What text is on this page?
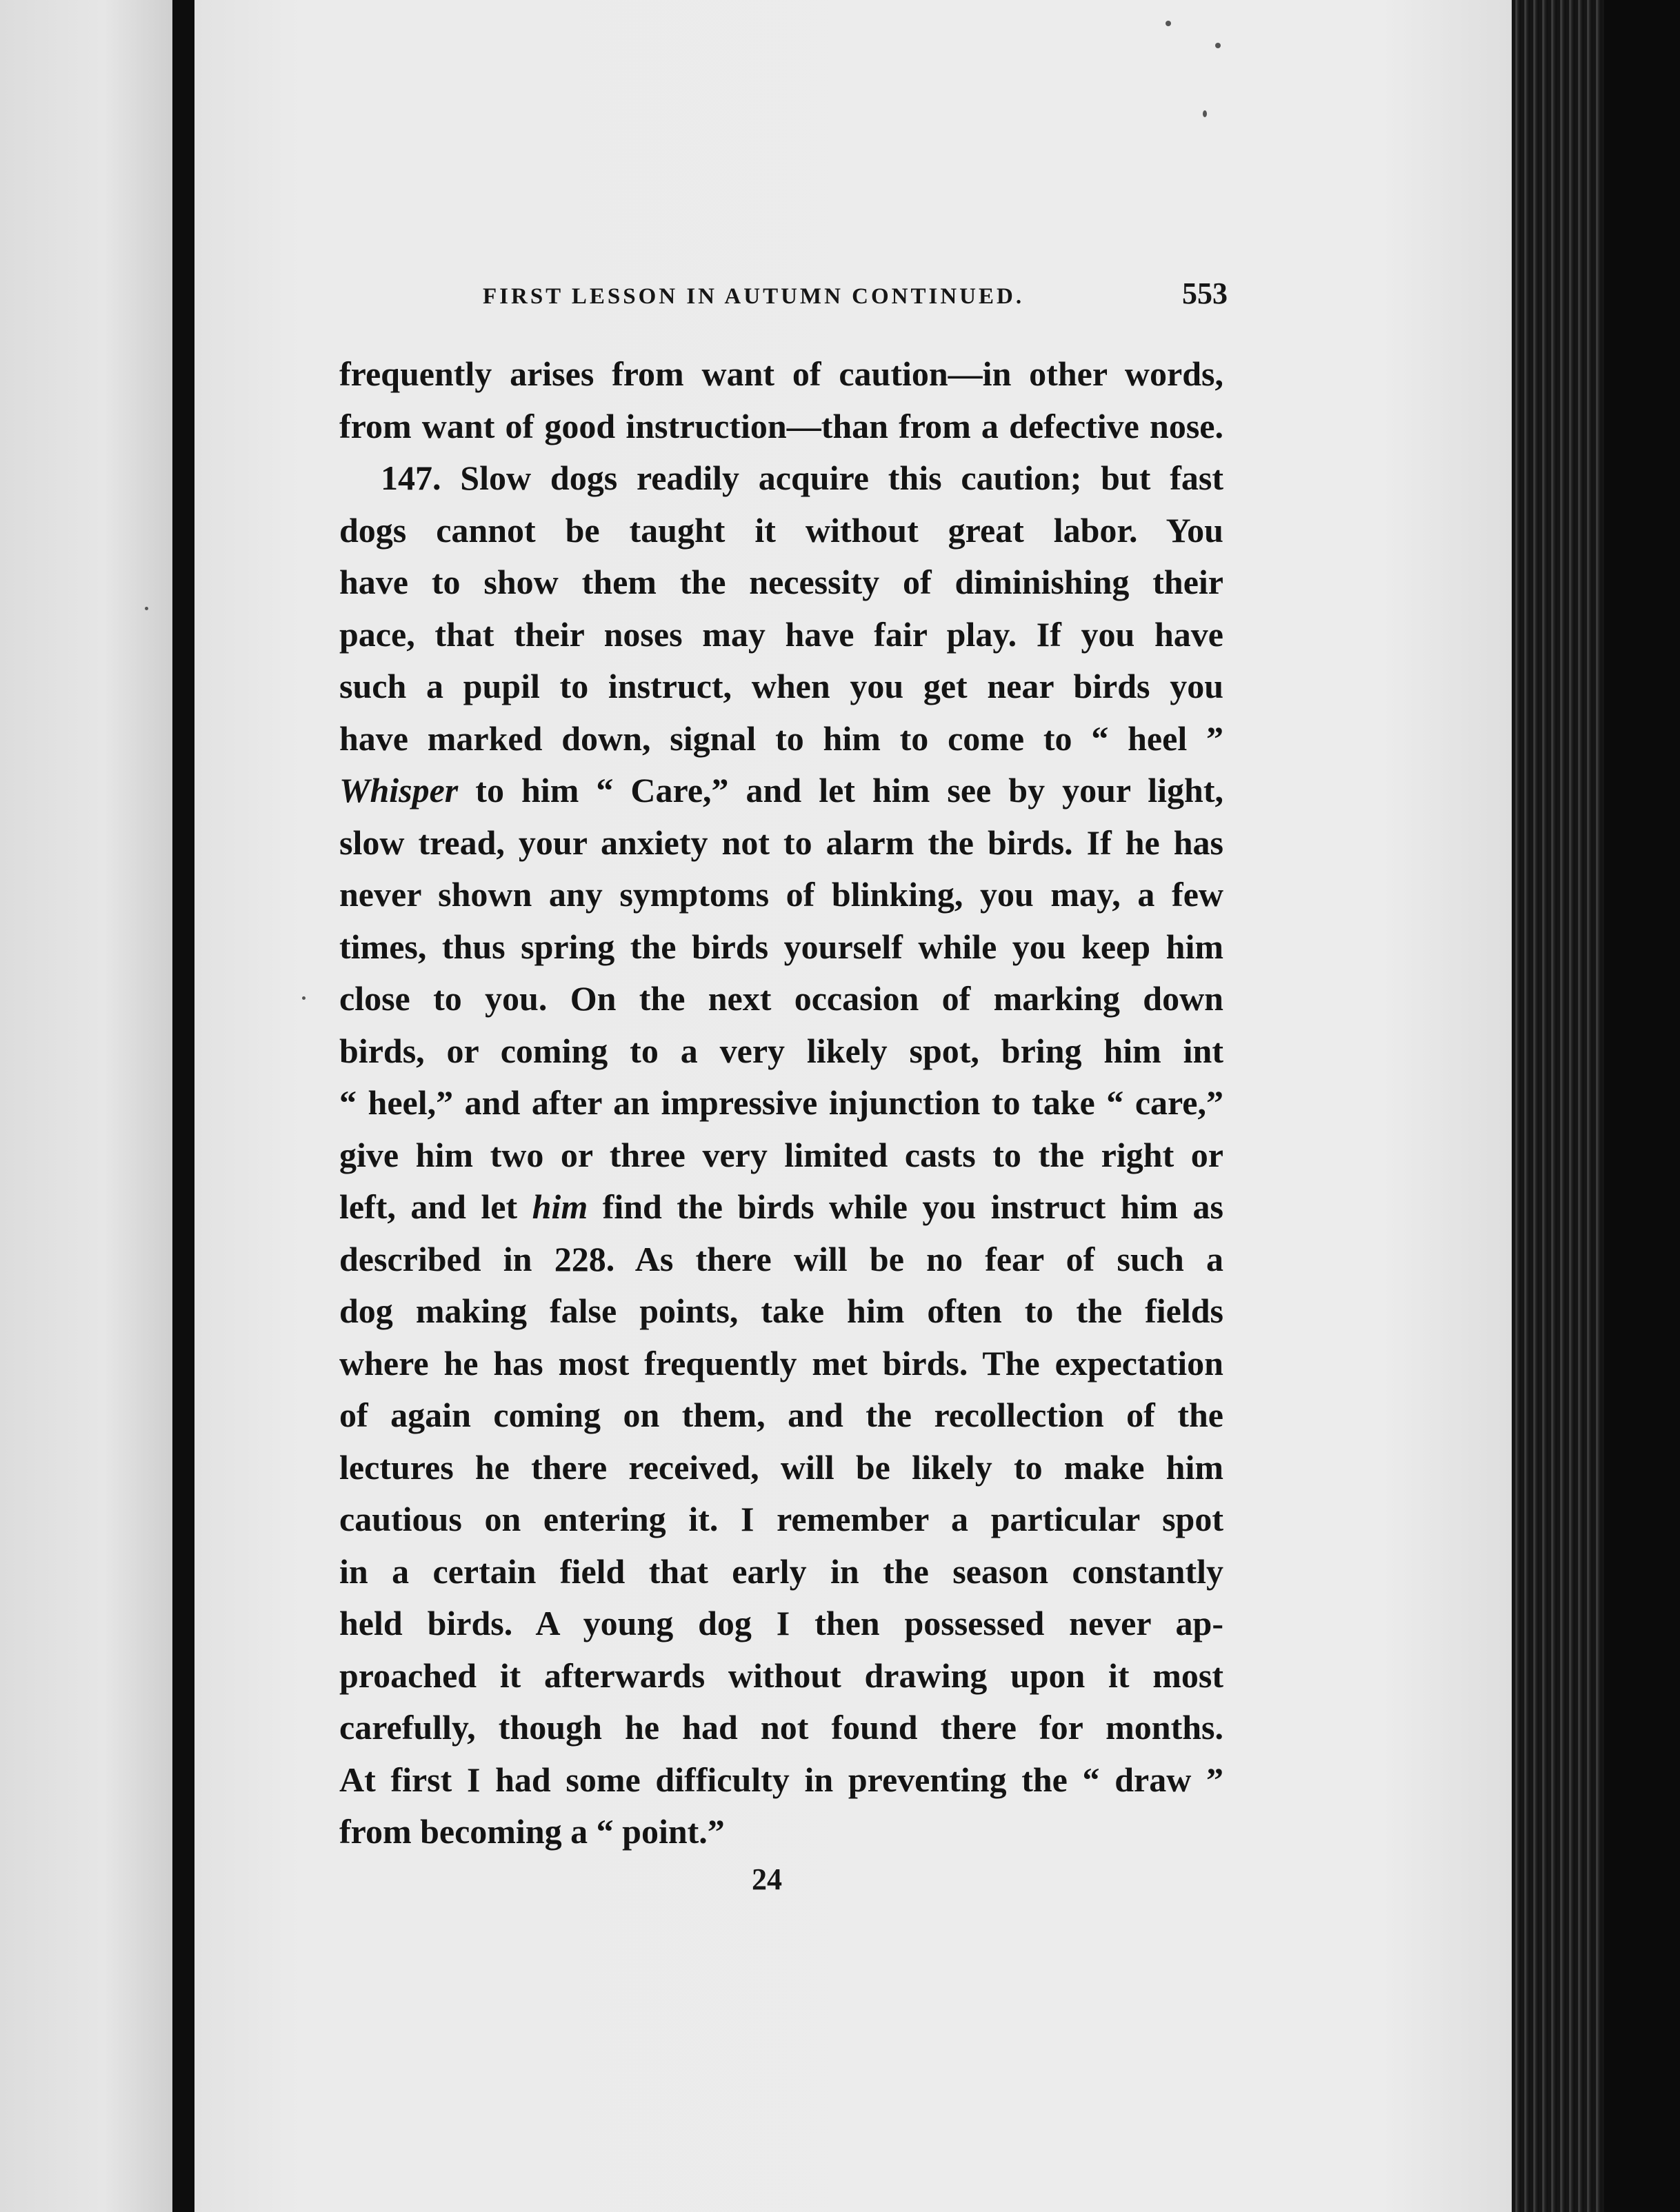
FIRST LESSON IN AUTUMN CONTINUED.	553
frequently arises from want of caution—in other words,
from want of good instruction—than from a defective nose.
147. Slow dogs readily acquire this caution; but fast
dogs cannot be taught it without great labor. You
have to show them the necessity of diminishing their
pace, that their noses may have fair play. If you have
such a pupil to instruct, when you get near birds you
have marked down, signal to him to come to “ heel ”
Whisper to him “ Care,” and let him see by your light,
slow tread, your anxiety not to alarm the birds. If he has
never shown any symptoms of blinking, you may, a few
times, thus spring the birds yourself while you keep him
close to you. On the next occasion of marking down
birds, or coming to a very likely spot, bring him int
“ heel,” and after an impressive injunction to take “ care,”
give him two or three very limited casts to the right or
left, and let him find the birds while you instruct him as
described in 228. As there will be no fear of such a
dog making false points, take him often to the fields
where he has most frequently met birds. The expectation
of again coming on them, and the recollection of the
lectures he there received, will be likely to make him
cautious on entering it. I remember a particular spot
in a certain field that early in the season constantly
held birds. A young dog I then possessed never ap-
proached it afterwards without drawing upon it most
carefully, though he had not found there for months.
At first I had some difficulty in preventing the “ draw ”
from becoming a “ point.”
24
